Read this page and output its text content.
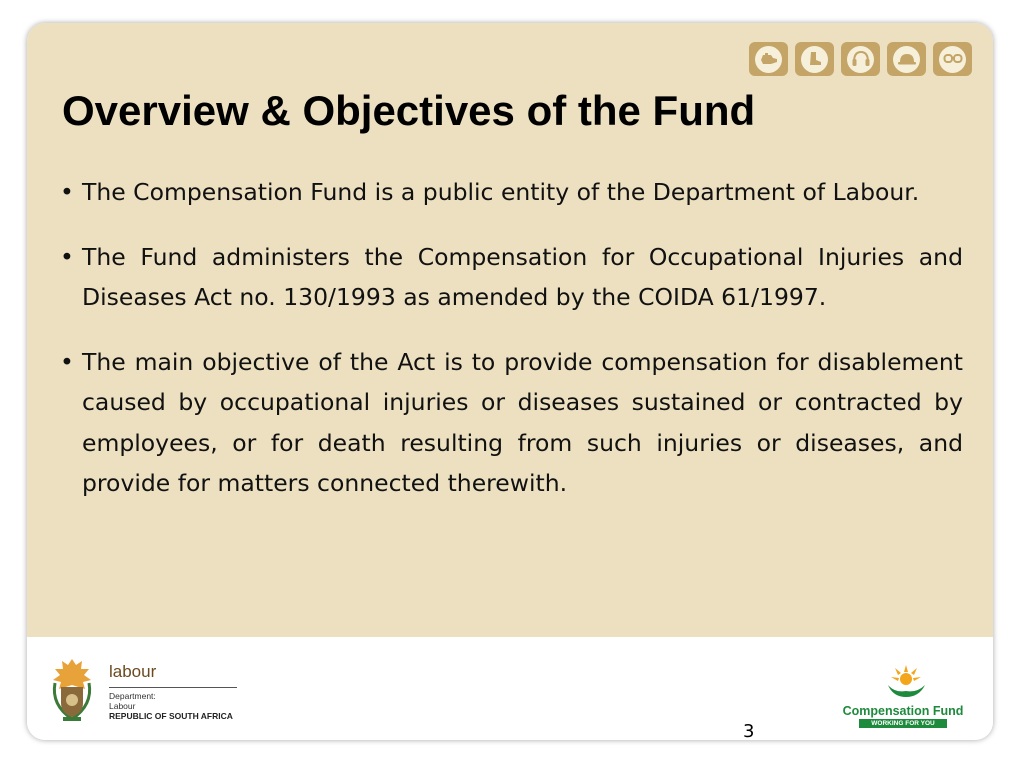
Overview & Objectives of the Fund
• The Compensation Fund is a public entity of the Department of Labour.
• The Fund administers the Compensation for Occupational Injuries and Diseases Act no. 130/1993 as amended by the COIDA 61/1997.
• The main objective of the Act is to provide compensation for disablement caused by occupational injuries or diseases sustained or contracted by employees, or for death resulting from such injuries or diseases, and provide for matters connected therewith.
labour
Department:
Labour
REPUBLIC OF SOUTH AFRICA
3
Compensation Fund
WORKING FOR YOU
